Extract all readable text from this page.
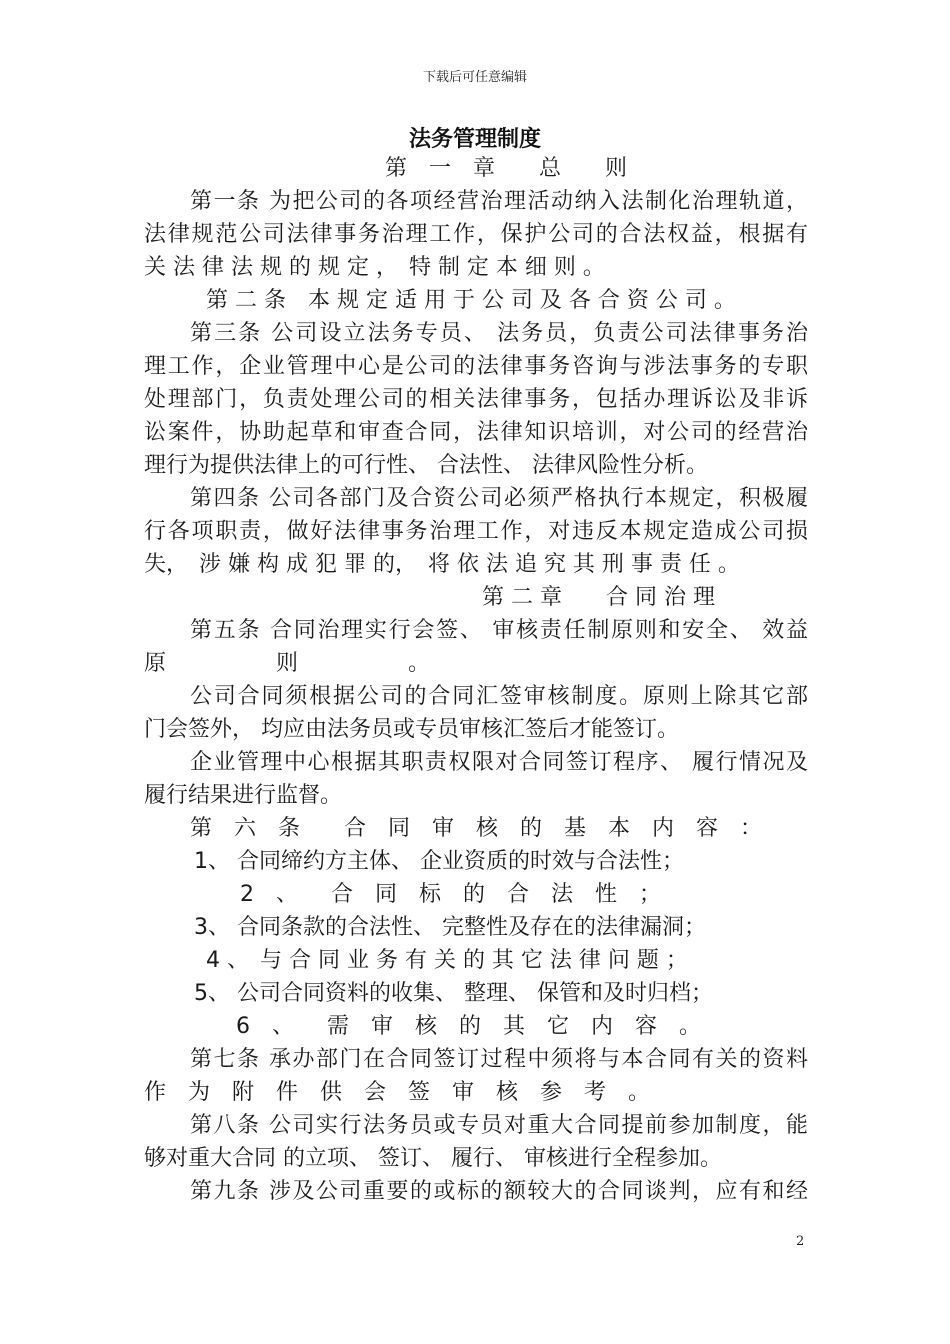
下载后可任意编辑
法务管理制度
第　一　章　　总　　则
第一条 为把公司的各项经营治理活动纳入法制化治理轨道，
法律规范公司法律事务治理工作，保护公司的合法权益，根据有
关 法 律 法 规 的 规 定 ，　特 制 定 本 细 则 。
第 二 条　本 规 定 适 用 于 公 司 及 各 合 资 公 司 。
第三条 公司设立法务专员、 法务员，负责公司法律事务治
理工作，企业管理中心是公司的法律事务咨询与涉法事务的专职
处理部门，负责处理公司的相关法律事务，包括办理诉讼及非诉
讼案件，协助起草和审查合同，法律知识培训，对公司的经营治
理行为提供法律上的可行性、 合法性、 法律风险性分析。
第四条 公司各部门及合资公司必须严格执行本规定，积极履
行各项职责，做好法律事务治理工作，对违反本规定造成公司损
失，　涉 嫌 构 成 犯 罪 的，　将 依 法 追 究 其 刑 事 责 任 。
第 二 章　　合 同 治 理
第五条 合同治理实行会签、 审核责任制原则和安全、 效益
原　　　　　则　　　　　。
公司合同须根据公司的合同汇签审核制度。原则上除其它部
门会签外， 均应由法务员或专员审核汇签后才能签订。
企业管理中心根据其职责权限对合同签订程序、 履行情况及
履行结果进行监督。
第　六　条　　合　同　审　核　的　基　本　内　容　：
1、 合同缔约方主体、 企业资质的时效与合法性；
2　、　　合　同　标　的　合　法　性　；
3、 合同条款的合法性、 完整性及存在的法律漏洞；
4 、　与 合 同 业 务 有 关 的 其 它 法 律 问 题 ；
5、 公司合同资料的收集、 整理、 保管和及时归档；
6　、　　需　审　核　的　其　它　内　容　。
第七条 承办部门在合同签订过程中须将与本合同有关的资料
作　为　附　件　供　会　签　审　核　参　考　。
第八条 公司实行法务员或专员对重大合同提前参加制度，能
够对重大合同 的立项、 签订、 履行、 审核进行全程参加。
第九条 涉及公司重要的或标的额较大的合同谈判，应有和经
2
